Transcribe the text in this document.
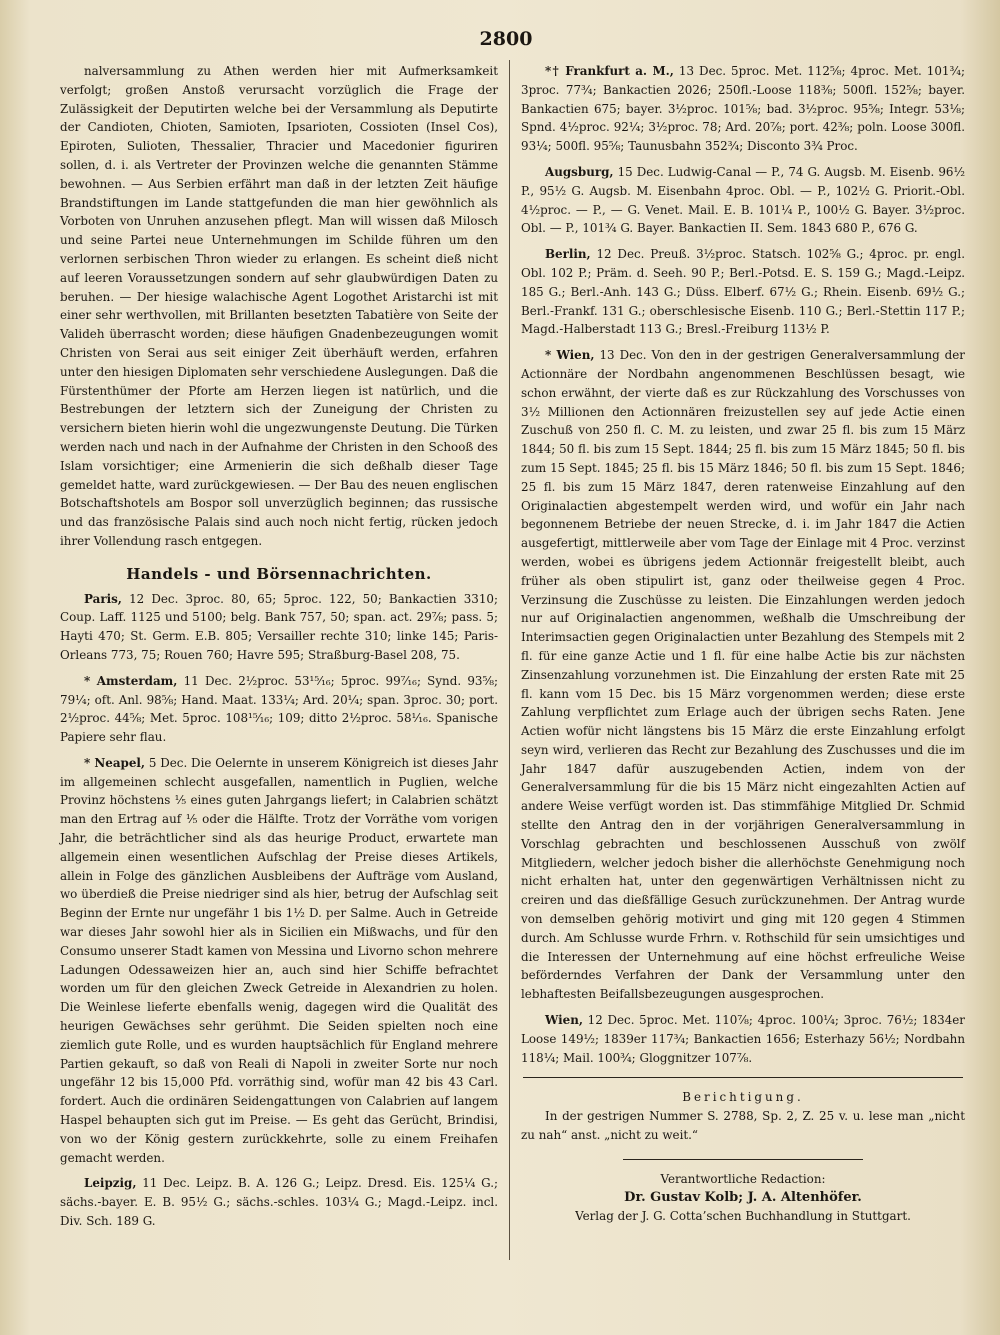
2800

nalversammlung zu Athen werden hier mit Aufmerksamkeit verfolgt; großen Anstoß verursacht vorzüglich die Frage der Zulässigkeit der Deputirten welche bei der Versammlung als Deputirte der Candioten, Chioten, Samioten, Ipsarioten, Cossioten (Insel Cos), Epiroten, Sulioten, Thessalier, Thracier und Macedonier figuriren sollen, d. i. als Vertreter der Provinzen welche die genannten Stämme bewohnen. — Aus Serbien erfährt man daß in der letzten Zeit häufige Brandstiftungen im Lande stattgefunden die man hier gewöhnlich als Vorboten von Unruhen anzusehen pflegt. Man will wissen daß Milosch und seine Partei neue Unternehmungen im Schilde führen um den verlornen serbischen Thron wieder zu erlangen. Es scheint dieß nicht auf leeren Voraussetzungen sondern auf sehr glaubwürdigen Daten zu beruhen. — Der hiesige walachische Agent Logothet Aristarchi ist mit einer sehr werthvollen, mit Brillanten besetzten Tabatière von Seite der Valideh überrascht worden; diese häufigen Gnadenbezeugungen womit Christen von Serai aus seit einiger Zeit überhäuft werden, erfahren unter den hiesigen Diplomaten sehr verschiedene Auslegungen. Daß die Fürstenthümer der Pforte am Herzen liegen ist natürlich, und die Bestrebungen der letztern sich der Zuneigung der Christen zu versichern bieten hierin wohl die ungezwungenste Deutung. Die Türken werden nach und nach in der Aufnahme der Christen in den Schooß des Islam vorsichtiger; eine Armenierin die sich deßhalb dieser Tage gemeldet hatte, ward zurückgewiesen. — Der Bau des neuen englischen Botschaftshotels am Bospor soll unverzüglich beginnen; das russische und das französische Palais sind auch noch nicht fertig, rücken jedoch ihrer Vollendung rasch entgegen.

Handels - und Börsennachrichten.

Paris, 12 Dec. 3proc. 80, 65; 5proc. 122, 50; Bankactien 3310; Coup. Laff. 1125 und 5100; belg. Bank 757, 50; span. act. 29⅞; pass. 5; Hayti 470; St. Germ. E.B. 805; Versailler rechte 310; linke 145; Paris-Orleans 773, 75; Rouen 760; Havre 595; Straßburg-Basel 208, 75.

* Amsterdam, 11 Dec. 2½proc. 53¹⁵⁄₁₆; 5proc. 99⁷⁄₁₆; Synd. 93⅝; 79¼; oft. Anl. 98⅝; Hand. Maat. 133¼; Ard. 20¼; span. 3proc. 30; port. 2½proc. 44⅝; Met. 5proc. 108¹⁵⁄₁₆; 109; ditto 2½proc. 58⅟₁₆. Spanische Papiere sehr flau.

* Neapel, 5 Dec. Die Oelernte in unserem Königreich ist dieses Jahr im allgemeinen schlecht ausgefallen, namentlich in Puglien, welche Provinz höchstens ⅕ eines guten Jahrgangs liefert; in Calabrien schätzt man den Ertrag auf ⅕ oder die Hälfte. Trotz der Vorräthe vom vorigen Jahr, die beträchtlicher sind als das heurige Product, erwartete man allgemein einen wesentlichen Aufschlag der Preise dieses Artikels, allein in Folge des gänzlichen Ausbleibens der Aufträge vom Ausland, wo überdieß die Preise niedriger sind als hier, betrug der Aufschlag seit Beginn der Ernte nur ungefähr 1 bis 1½ D. per Salme. Auch in Getreide war dieses Jahr sowohl hier als in Sicilien ein Mißwachs, und für den Consumo unserer Stadt kamen von Messina und Livorno schon mehrere Ladungen Odessaweizen hier an, auch sind hier Schiffe befrachtet worden um für den gleichen Zweck Getreide in Alexandrien zu holen. Die Weinlese lieferte ebenfalls wenig, dagegen wird die Qualität des heurigen Gewächses sehr gerühmt. Die Seiden spielten noch eine ziemlich gute Rolle, und es wurden hauptsächlich für England mehrere Partien gekauft, so daß von Reali di Napoli in zweiter Sorte nur noch ungefähr 12 bis 15,000 Pfd. vorräthig sind, wofür man 42 bis 43 Carl. fordert. Auch die ordinären Seidengattungen von Calabrien auf langem Haspel behaupten sich gut im Preise. — Es geht das Gerücht, Brindisi, von wo der König gestern zurückkehrte, solle zu einem Freihafen gemacht werden.

Leipzig, 11 Dec. Leipz. B. A. 126 G.; Leipz. Dresd. Eis. 125¼ G.; sächs.-bayer. E. B. 95½ G.; sächs.-schles. 103¼ G.; Magd.-Leipz. incl. Div. Sch. 189 G.

*† Frankfurt a. M., 13 Dec. 5proc. Met. 112⅝; 4proc. Met. 101¾; 3proc. 77¾; Bankactien 2026; 250fl.-Loose 118⅜; 500fl. 152⅝; bayer. Bankactien 675; bayer. 3½proc. 101⅝; bad. 3½proc. 95⅝; Integr. 53⅛; Spnd. 4½proc. 92¼; 3½proc. 78; Ard. 20⅞; port. 42⅜; poln. Loose 300fl. 93¼; 500fl. 95⅝; Taunusbahn 352¾; Disconto 3¾ Proc.

Augsburg, 15 Dec. Ludwig-Canal — P., 74 G. Augsb. M. Eisenb. 96½ P., 95½ G. Augsb. M. Eisenbahn 4proc. Obl. — P., 102½ G. Priorit.-Obl. 4½proc. — P., — G. Venet. Mail. E. B. 101¼ P., 100½ G. Bayer. 3½proc. Obl. — P., 101¾ G. Bayer. Bankactien II. Sem. 1843 680 P., 676 G.

Berlin, 12 Dec. Preuß. 3½proc. Statsch. 102⅝ G.; 4proc. pr. engl. Obl. 102 P.; Präm. d. Seeh. 90 P.; Berl.-Potsd. E. S. 159 G.; Magd.-Leipz. 185 G.; Berl.-Anh. 143 G.; Düss. Elberf. 67½ G.; Rhein. Eisenb. 69½ G.; Berl.-Frankf. 131 G.; oberschlesische Eisenb. 110 G.; Berl.-Stettin 117 P.; Magd.-Halberstadt 113 G.; Bresl.-Freiburg 113½ P.

* Wien, 13 Dec. Von den in der gestrigen Generalversammlung der Actionnäre der Nordbahn angenommenen Beschlüssen besagt, wie schon erwähnt, der vierte daß es zur Rückzahlung des Vorschusses von 3½ Millionen den Actionnären freizustellen sey auf jede Actie einen Zuschuß von 250 fl. C. M. zu leisten, und zwar 25 fl. bis zum 15 März 1844; 50 fl. bis zum 15 Sept. 1844; 25 fl. bis zum 15 März 1845; 50 fl. bis zum 15 Sept. 1845; 25 fl. bis 15 März 1846; 50 fl. bis zum 15 Sept. 1846; 25 fl. bis zum 15 März 1847, deren ratenweise Einzahlung auf den Originalactien abgestempelt werden wird, und wofür ein Jahr nach begonnenem Betriebe der neuen Strecke, d. i. im Jahr 1847 die Actien ausgefertigt, mittlerweile aber vom Tage der Einlage mit 4 Proc. verzinst werden, wobei es übrigens jedem Actionnär freigestellt bleibt, auch früher als oben stipulirt ist, ganz oder theilweise gegen 4 Proc. Verzinsung die Zuschüsse zu leisten. Die Einzahlungen werden jedoch nur auf Originalactien angenommen, weßhalb die Umschreibung der Interimsactien gegen Originalactien unter Bezahlung des Stempels mit 2 fl. für eine ganze Actie und 1 fl. für eine halbe Actie bis zur nächsten Zinsenzahlung vorzunehmen ist. Die Einzahlung der ersten Rate mit 25 fl. kann vom 15 Dec. bis 15 März vorgenommen werden; diese erste Zahlung verpflichtet zum Erlage auch der übrigen sechs Raten. Jene Actien wofür nicht längstens bis 15 März die erste Einzahlung erfolgt seyn wird, verlieren das Recht zur Bezahlung des Zuschusses und die im Jahr 1847 dafür auszugebenden Actien, indem von der Generalversammlung für die bis 15 März nicht eingezahlten Actien auf andere Weise verfügt worden ist. Das stimmfähige Mitglied Dr. Schmid stellte den Antrag den in der vorjährigen Generalversammlung in Vorschlag gebrachten und beschlossenen Ausschuß von zwölf Mitgliedern, welcher jedoch bisher die allerhöchste Genehmigung noch nicht erhalten hat, unter den gegenwärtigen Verhältnissen nicht zu creiren und das dießfällige Gesuch zurückzunehmen. Der Antrag wurde von demselben gehörig motivirt und ging mit 120 gegen 4 Stimmen durch. Am Schlusse wurde Frhrn. v. Rothschild für sein umsichtiges und die Interessen der Unternehmung auf eine höchst erfreuliche Weise beförderndes Verfahren der Dank der Versammlung unter den lebhaftesten Beifallsbezeugungen ausgesprochen.

Wien, 12 Dec. 5proc. Met. 110⅞; 4proc. 100¼; 3proc. 76½; 1834er Loose 149½; 1839er 117¾; Bankactien 1656; Esterhazy 56½; Nordbahn 118¼; Mail. 100¾; Gloggnitzer 107⅞.

Berichtigung.

In der gestrigen Nummer S. 2788, Sp. 2, Z. 25 v. u. lese man „nicht zu nah“ anst. „nicht zu weit.“

Verantwortliche Redaction:

Dr. Gustav Kolb; J. A. Altenhöfer.

Verlag der J. G. Cotta’schen Buchhandlung in Stuttgart.
